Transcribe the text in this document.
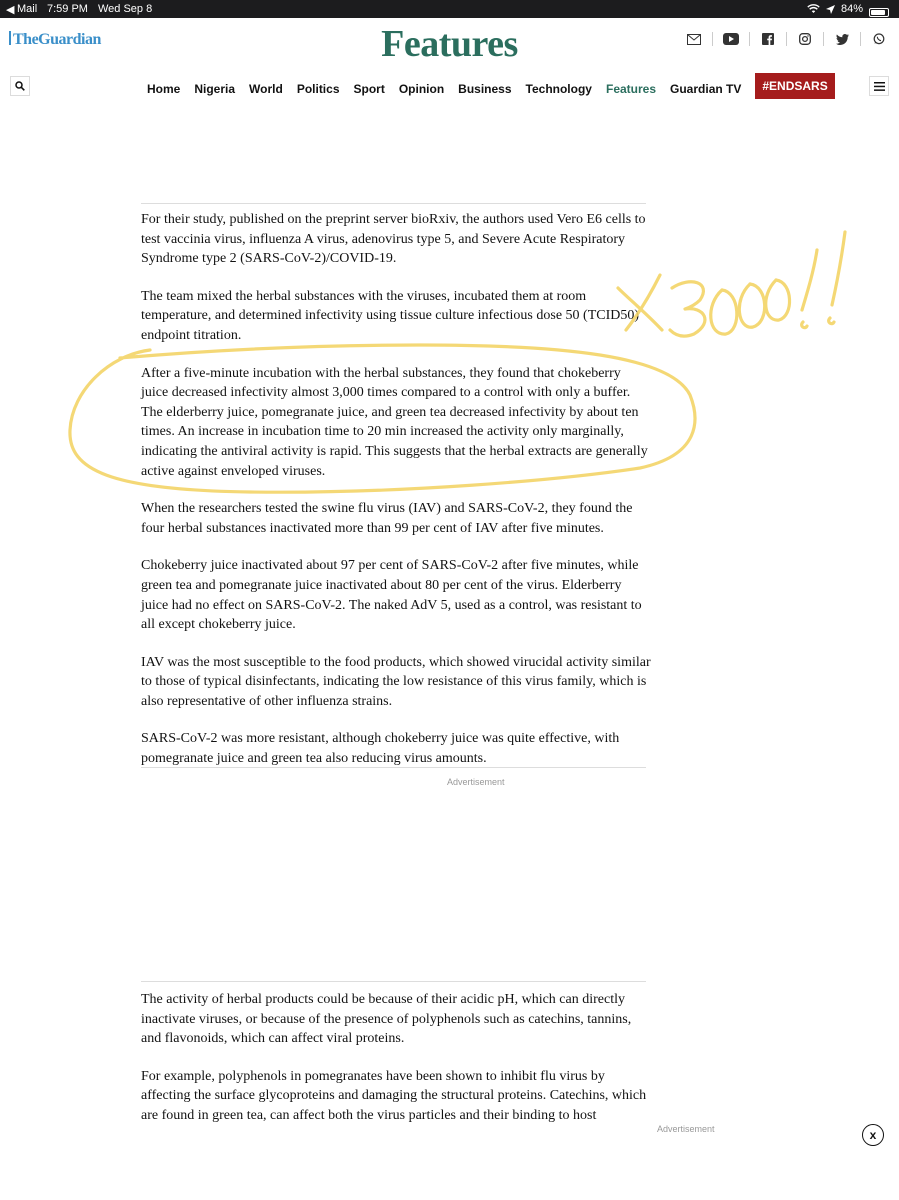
◀ Mail 7:59 PM Wed Sep 8	84%
TheGuardian	Features
Home Nigeria World Politics Sport Opinion Business Technology Features Guardian TV	#ENDSARS

For their study, published on the preprint server bioRxiv, the authors used Vero E6 cells to test vaccinia virus, influenza A virus, adenovirus type 5, and Severe Acute Respiratory Syndrome type 2 (SARS-CoV-2)/COVID-19.

The team mixed the herbal substances with the viruses, incubated them at room temperature, and determined infectivity using tissue culture infectious dose 50 (TCID50) endpoint titration.

After a five-minute incubation with the herbal substances, they found that chokeberry juice decreased infectivity almost 3,000 times compared to a control with only a buffer. The elderberry juice, pomegranate juice, and green tea decreased infectivity by about ten times. An increase in incubation time to 20 min increased the activity only marginally, indicating the antiviral activity is rapid. This suggests that the herbal extracts are generally active against enveloped viruses.

When the researchers tested the swine flu virus (IAV) and SARS-CoV-2, they found the four herbal substances inactivated more than 99 per cent of IAV after five minutes.

Chokeberry juice inactivated about 97 per cent of SARS-CoV-2 after five minutes, while green tea and pomegranate juice inactivated about 80 per cent of the virus. Elderberry juice had no effect on SARS-CoV-2. The naked AdV 5, used as a control, was resistant to all except chokeberry juice.

IAV was the most susceptible to the food products, which showed virucidal activity similar to those of typical disinfectants, indicating the low resistance of this virus family, which is also representative of other influenza strains.

SARS-CoV-2 was more resistant, although chokeberry juice was quite effective, with pomegranate juice and green tea also reducing virus amounts.

Advertisement

The activity of herbal products could be because of their acidic pH, which can directly inactivate viruses, or because of the presence of polyphenols such as catechins, tannins, and flavonoids, which can affect viral proteins.

For example, polyphenols in pomegranates have been shown to inhibit flu virus by affecting the surface glycoproteins and damaging the structural proteins. Catechins, which are found in green tea, can affect both the virus particles and their binding to host

Advertisement	x
